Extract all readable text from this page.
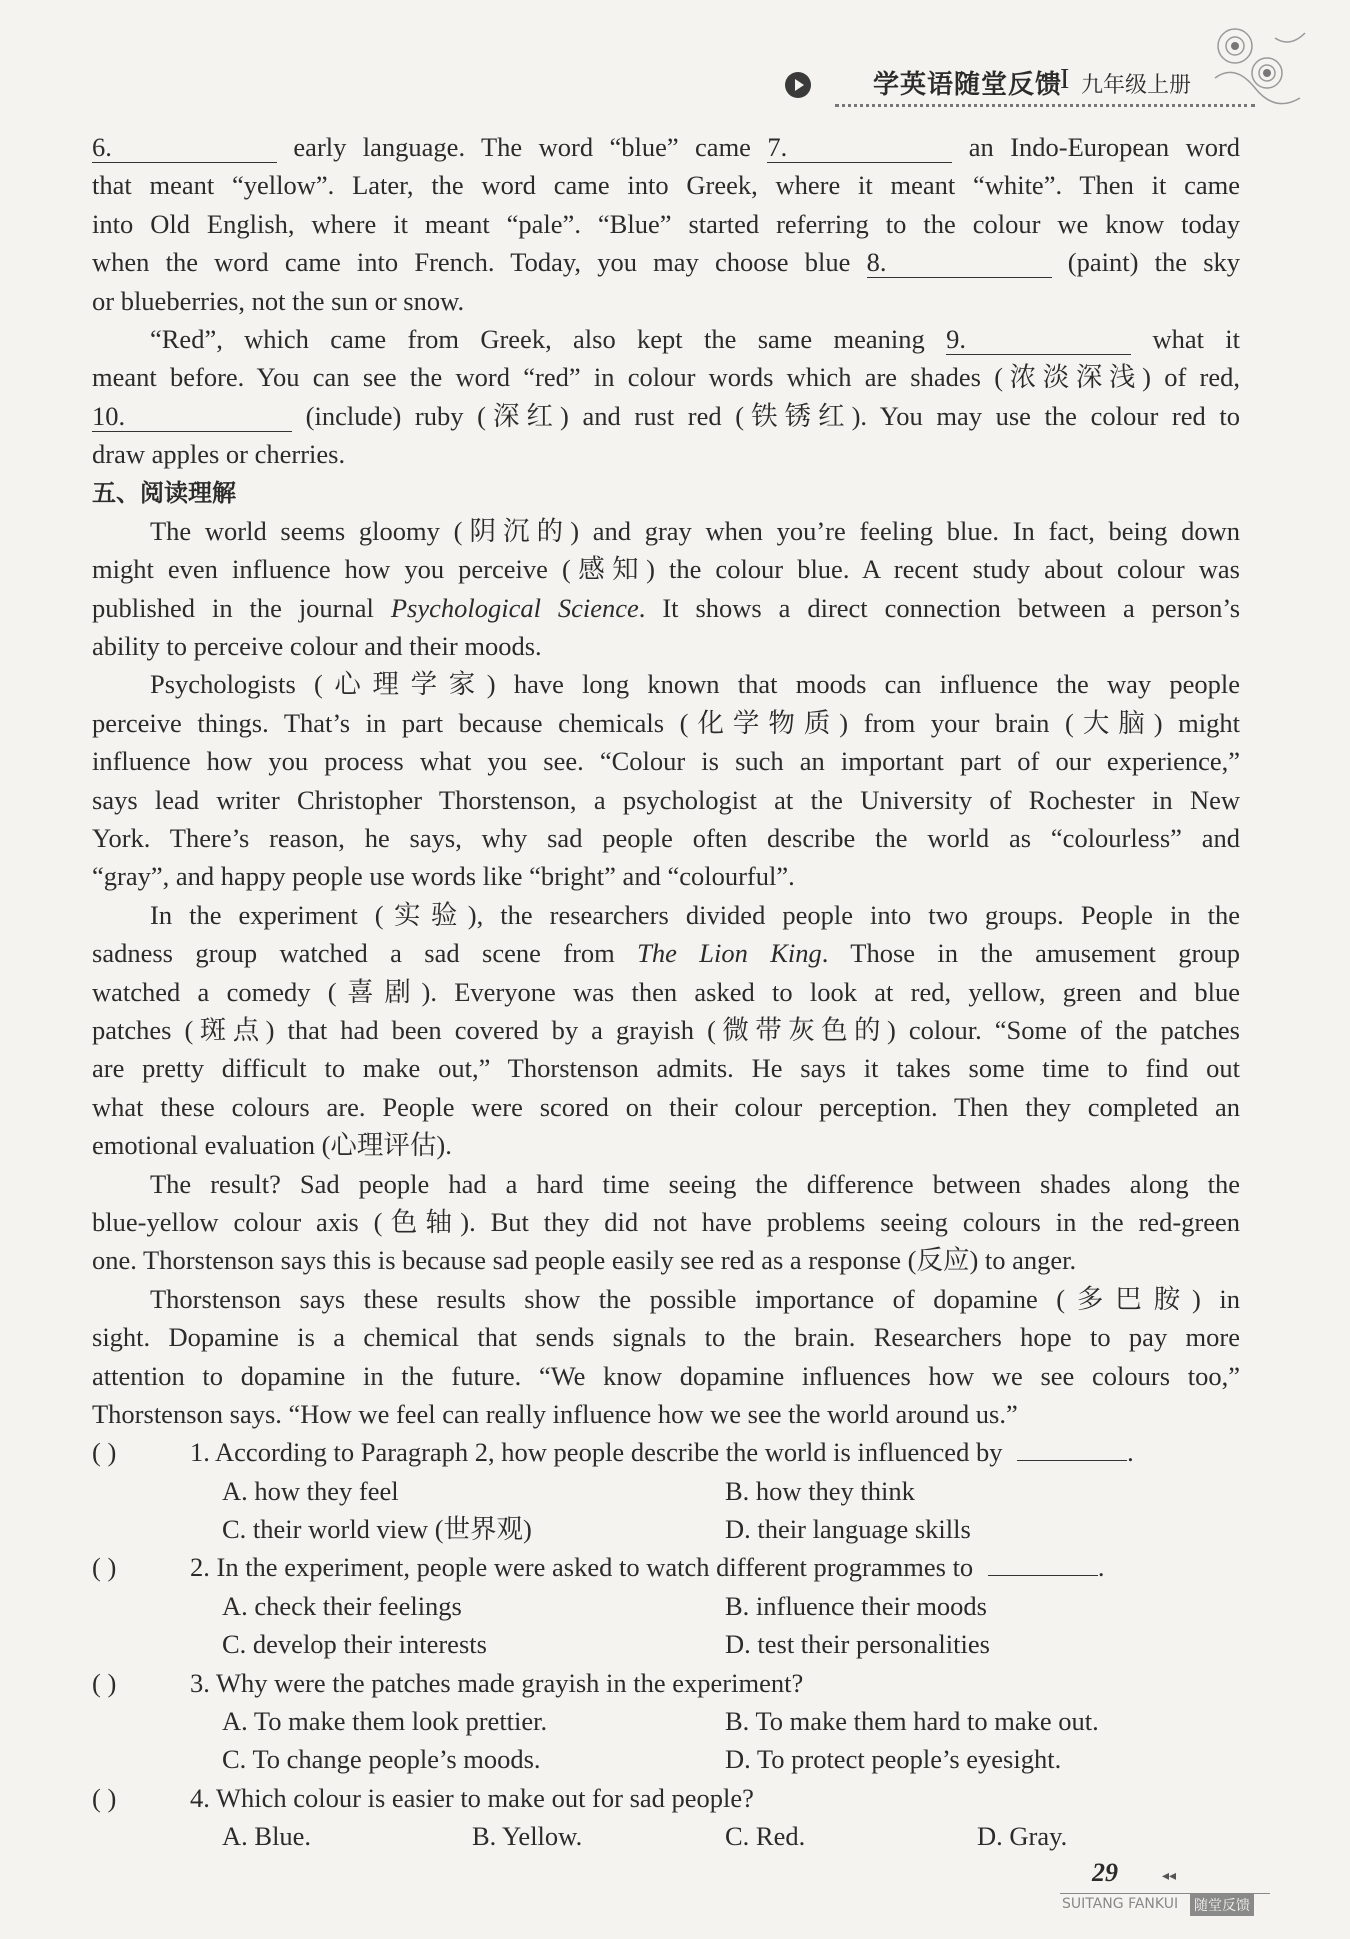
学英语随堂反馈
I 九年级上册
6.	early language. The word “blue” came 7.	an Indo-European word
that meant “yellow”. Later, the word came into Greek, where it meant “white”. Then it came
into Old English, where it meant “pale”. “Blue” started referring to the colour we know today
when the word came into French. Today, you may choose blue 8.	(paint) the sky
or blueberries, not the sun or snow.
“Red”, which came from Greek, also kept the same meaning 9.	what it
meant before. You can see the word “red” in colour words which are shades (浓淡深浅) of red,
10.	(include) ruby (深红) and rust red (铁锈红). You may use the colour red to
draw apples or cherries.
五、阅读理解
The world seems gloomy (阴沉的) and gray when you’re feeling blue. In fact, being down
might even influence how you perceive (感知) the colour blue. A recent study about colour was
published in the journal Psychological Science. It shows a direct connection between a person’s
ability to perceive colour and their moods.
Psychologists (心理学家) have long known that moods can influence the way people
perceive things. That’s in part because chemicals (化学物质) from your brain (大脑) might
influence how you process what you see. “Colour is such an important part of our experience,”
says lead writer Christopher Thorstenson, a psychologist at the University of Rochester in New
York. There’s reason, he says, why sad people often describe the world as “colourless” and
“gray”, and happy people use words like “bright” and “colourful”.
In the experiment (实验), the researchers divided people into two groups. People in the
sadness group watched a sad scene from The Lion King. Those in the amusement group
watched a comedy (喜剧). Everyone was then asked to look at red, yellow, green and blue
patches (斑点) that had been covered by a grayish (微带灰色的) colour. “Some of the patches
are pretty difficult to make out,” Thorstenson admits. He says it takes some time to find out
what these colours are. People were scored on their colour perception. Then they completed an
emotional evaluation (心理评估).
The result? Sad people had a hard time seeing the difference between shades along the
blue-yellow colour axis (色轴). But they did not have problems seeing colours in the red-green
one. Thorstenson says this is because sad people easily see red as a response (反应) to anger.
Thorstenson says these results show the possible importance of dopamine (多巴胺) in
sight. Dopamine is a chemical that sends signals to the brain. Researchers hope to pay more
attention to dopamine in the future. “We know dopamine influences how we see colours too,”
Thorstenson says. “How we feel can really influence how we see the world around us.”
( )	1. According to Paragraph 2, how people describe the world is influenced by	.
A. how they feel	B. how they think
C. their world view (世界观)	D. their language skills
( )	2. In the experiment, people were asked to watch different programmes to	.
A. check their feelings	B. influence their moods
C. develop their interests	D. test their personalities
( )	3. Why were the patches made grayish in the experiment?
A. To make them look prettier.	B. To make them hard to make out.
C. To change people’s moods.	D. To protect people’s eyesight.
( )	4. Which colour is easier to make out for sad people?
A. Blue.	B. Yellow.	C. Red.	D. Gray.
29	◂◂
SUITANG FANKUI 随堂反馈
